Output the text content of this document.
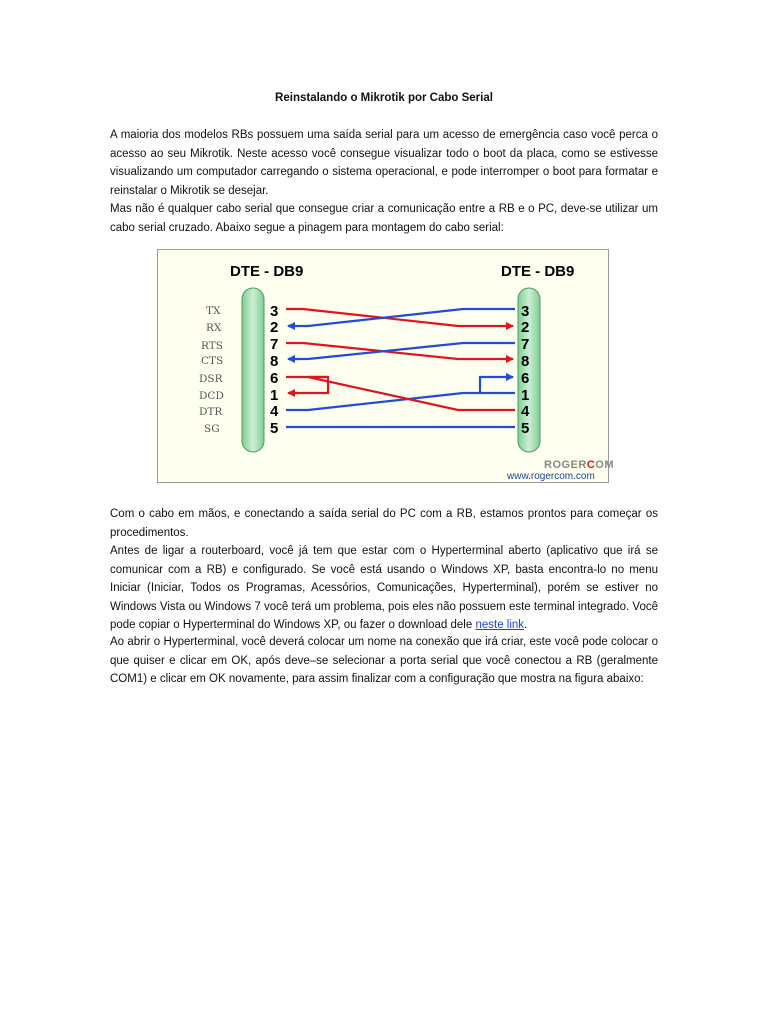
Reinstalando o Mikrotik por Cabo Serial

A maioria dos modelos RBs possuem uma saída serial para um acesso de emergência caso você perca o acesso ao seu Mikrotik. Neste acesso você consegue visualizar todo o boot da placa, como se estivesse visualizando um computador carregando o sistema operacional, e pode interromper o boot para formatar e reinstalar o Mikrotik se desejar.

Mas não é qualquer cabo serial que consegue criar a comunicação entre a RB e o PC, deve-se utilizar um cabo serial cruzado. Abaixo segue a pinagem para montagem do cabo serial:

DTE - DB9	DTE - DB9
TX
RX
RTS
CTS
DSR
DCD
DTR
SG
3
2
7
8
6
1
4
5
3
2
7
8
6
1
4
5
ROGERCOM
www.rogercom.com

Com o cabo em mãos, e conectando a saída serial do PC com a RB, estamos prontos para começar os procedimentos.

Antes de ligar a routerboard, você já tem que estar com o Hyperterminal aberto (aplicativo que irá se comunicar com a RB) e configurado. Se você está usando o Windows XP, basta encontra-lo no menu Iniciar (Iniciar, Todos os Programas, Acessórios, Comunicações, Hyperterminal), porém se estiver no Windows Vista ou Windows 7 você terá um problema, pois eles não possuem este terminal integrado. Você pode copiar o Hyperterminal do Windows XP, ou fazer o download dele neste link.

Ao abrir o Hyperterminal, você deverá colocar um nome na conexão que irá criar, este você pode colocar o que quiser e clicar em OK, após deve–se selecionar a porta serial que você conectou a RB (geralmente COM1) e clicar em OK novamente, para assim finalizar com a configuração que mostra na figura abaixo:
